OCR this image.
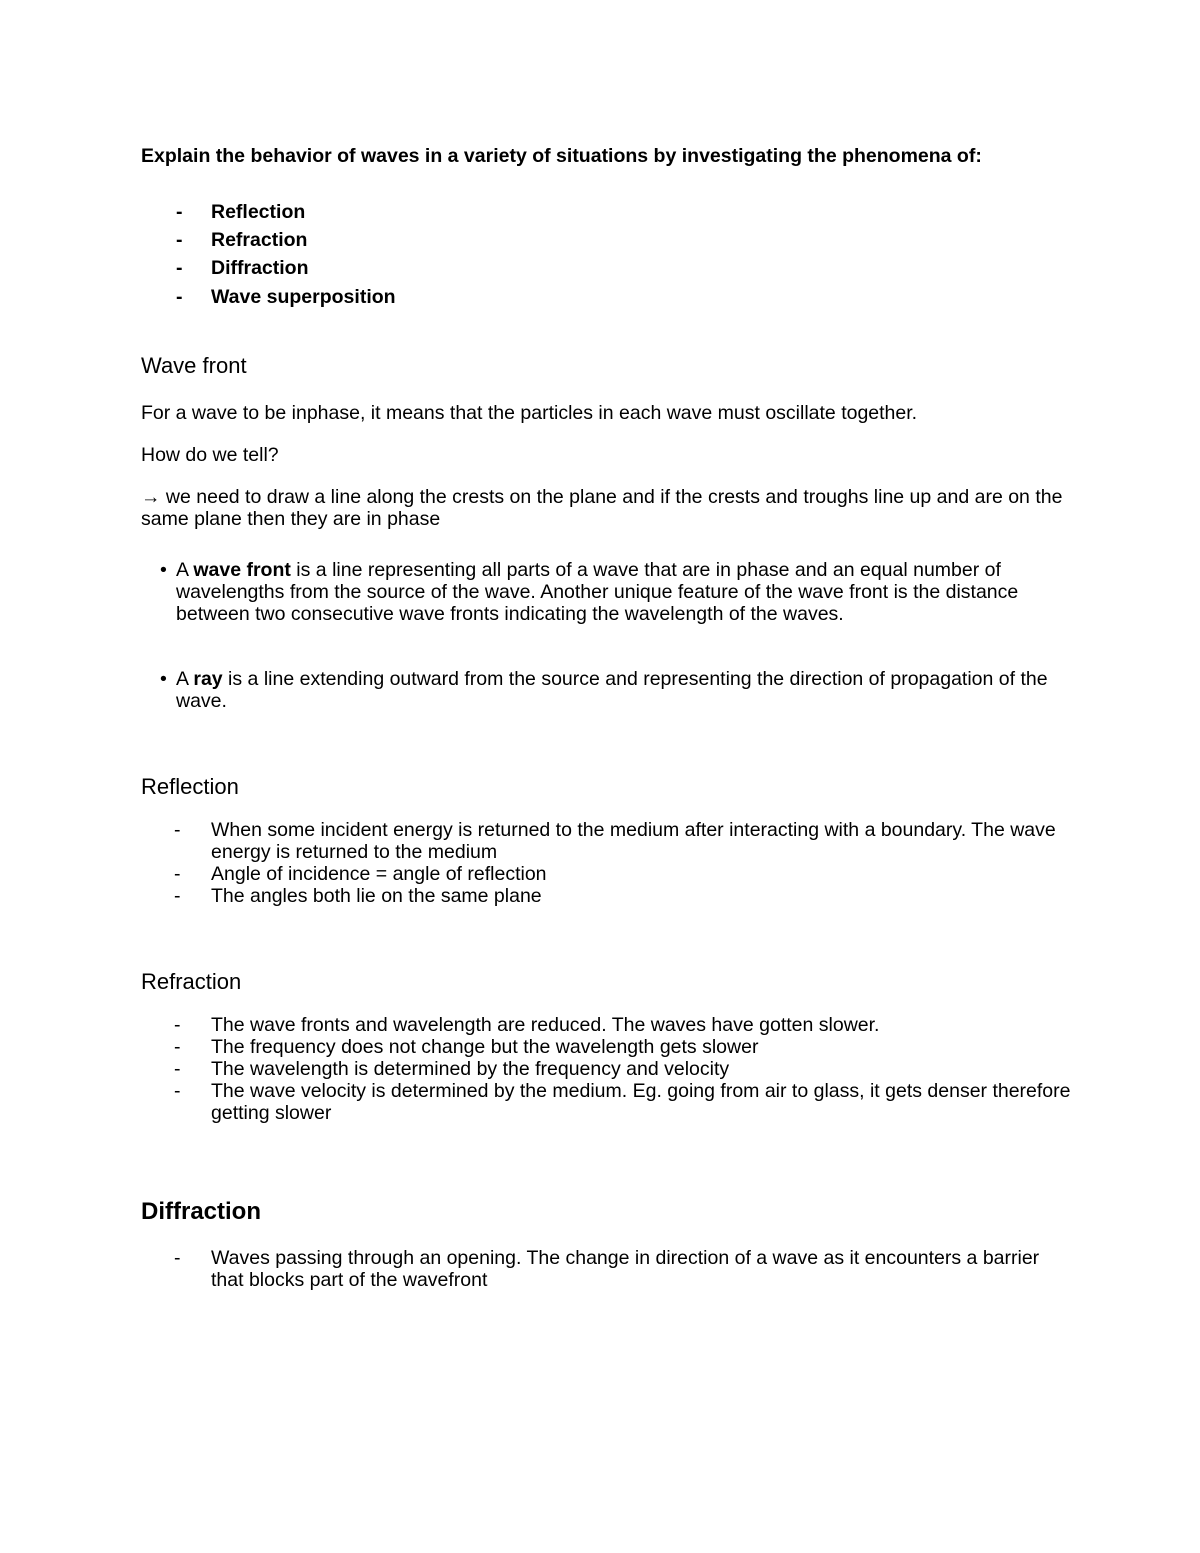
Explain the behavior of waves in a variety of situations by investigating the phenomena of:
-	Reflection
-	Refraction
-	Diffraction
-	Wave superposition
Wave front
For a wave to be inphase, it means that the particles in each wave must oscillate together.
How do we tell?
→ we need to draw a line along the crests on the plane and if the crests and troughs line up and are on the same plane then they are in phase
• A wave front is a line representing all parts of a wave that are in phase and an equal number of wavelengths from the source of the wave. Another unique feature of the wave front is the distance between two consecutive wave fronts indicating the wavelength of the waves.
• A ray is a line extending outward from the source and representing the direction of propagation of the wave.
Reflection
- When some incident energy is returned to the medium after interacting with a boundary. The wave energy is returned to the medium
- Angle of incidence = angle of reflection
- The angles both lie on the same plane
Refraction
- The wave fronts and wavelength are reduced. The waves have gotten slower.
- The frequency does not change but the wavelength gets slower
- The wavelength is determined by the frequency and velocity
- The wave velocity is determined by the medium. Eg. going from air to glass, it gets denser therefore getting slower
Diffraction
- Waves passing through an opening. The change in direction of a wave as it encounters a barrier that blocks part of the wavefront
